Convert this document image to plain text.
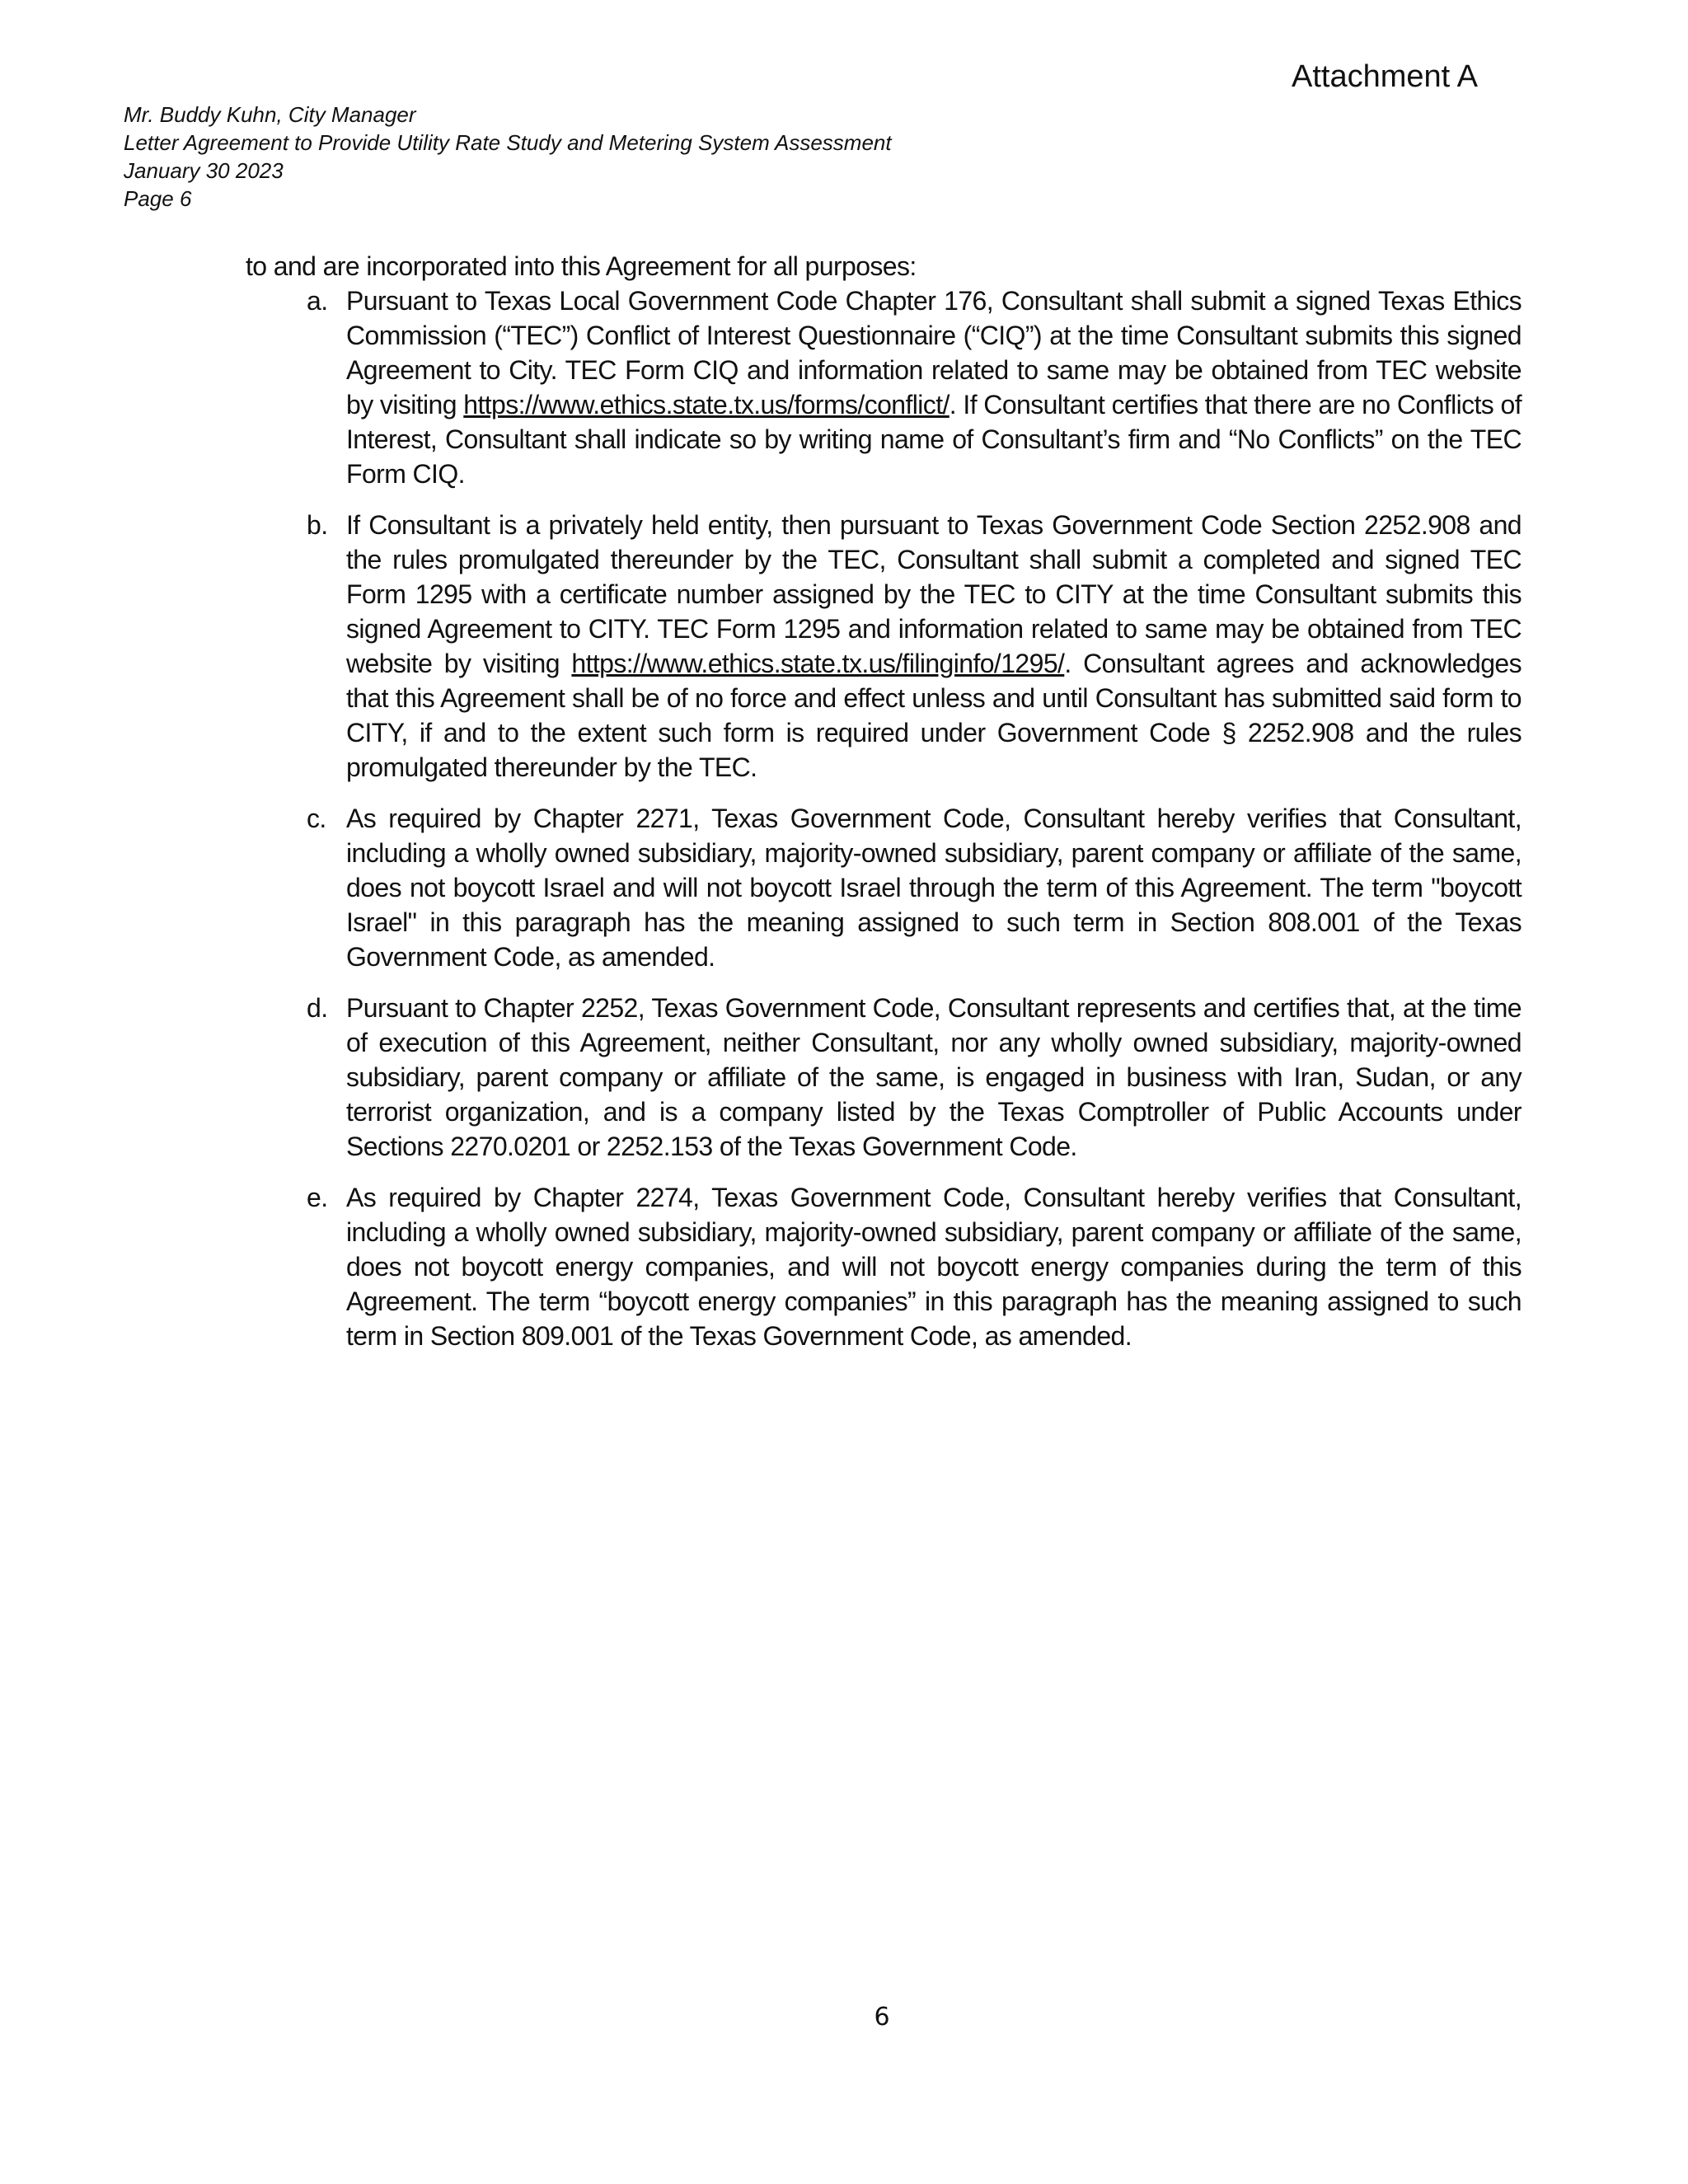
Attachment A
Mr. Buddy Kuhn, City Manager
Letter Agreement to Provide Utility Rate Study and Metering System Assessment
January 30 2023
Page 6
to and are incorporated into this Agreement for all purposes:
a. Pursuant to Texas Local Government Code Chapter 176, Consultant shall submit a signed Texas Ethics Commission (“TEC”) Conflict of Interest Questionnaire (“CIQ”) at the time Consultant submits this signed Agreement to City. TEC Form CIQ and information related to same may be obtained from TEC website by visiting https://www.ethics.state.tx.us/forms/conflict/. If Consultant certifies that there are no Conflicts of Interest, Consultant shall indicate so by writing name of Consultant’s firm and “No Conflicts” on the TEC Form CIQ.
b. If Consultant is a privately held entity, then pursuant to Texas Government Code Section 2252.908 and the rules promulgated thereunder by the TEC, Consultant shall submit a completed and signed TEC Form 1295 with a certificate number assigned by the TEC to CITY at the time Consultant submits this signed Agreement to CITY. TEC Form 1295 and information related to same may be obtained from TEC website by visiting https://www.ethics.state.tx.us/filinginfo/1295/. Consultant agrees and acknowledges that this Agreement shall be of no force and effect unless and until Consultant has submitted said form to CITY, if and to the extent such form is required under Government Code § 2252.908 and the rules promulgated thereunder by the TEC.
c. As required by Chapter 2271, Texas Government Code, Consultant hereby verifies that Consultant, including a wholly owned subsidiary, majority-owned subsidiary, parent company or affiliate of the same, does not boycott Israel and will not boycott Israel through the term of this Agreement. The term "boycott Israel" in this paragraph has the meaning assigned to such term in Section 808.001 of the Texas Government Code, as amended.
d. Pursuant to Chapter 2252, Texas Government Code, Consultant represents and certifies that, at the time of execution of this Agreement, neither Consultant, nor any wholly owned subsidiary, majority-owned subsidiary, parent company or affiliate of the same, is engaged in business with Iran, Sudan, or any terrorist organization, and is a company listed by the Texas Comptroller of Public Accounts under Sections 2270.0201 or 2252.153 of the Texas Government Code.
e. As required by Chapter 2274, Texas Government Code, Consultant hereby verifies that Consultant, including a wholly owned subsidiary, majority-owned subsidiary, parent company or affiliate of the same, does not boycott energy companies, and will not boycott energy companies during the term of this Agreement. The term “boycott energy companies” in this paragraph has the meaning assigned to such term in Section 809.001 of the Texas Government Code, as amended.
6
